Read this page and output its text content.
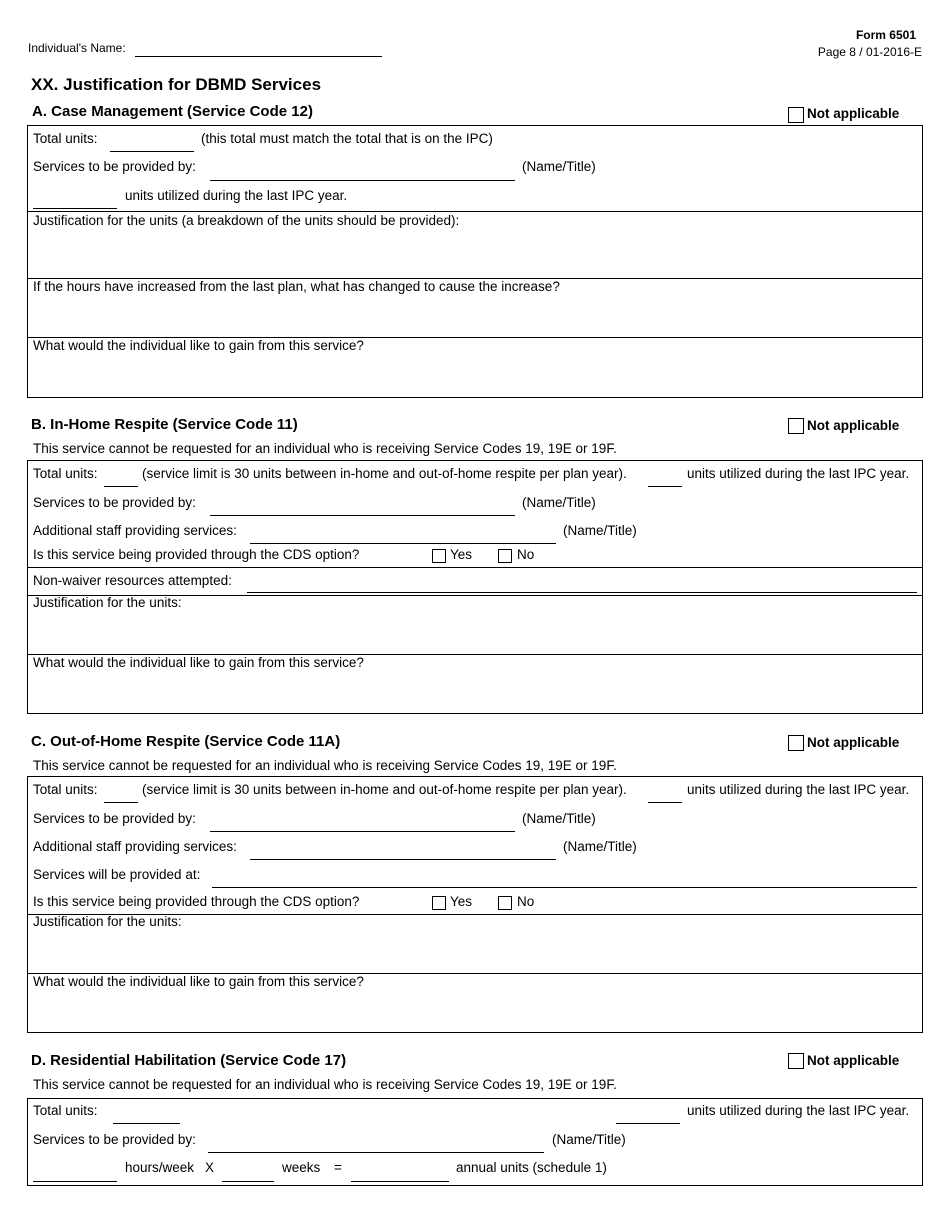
Individual's Name:
Form 6501
Page 8 / 01-2016-E
XX. Justification for DBMD Services
A. Case Management (Service Code 12)	Not applicable
Total units:	(this total must match the total that is on the IPC)
Services to be provided by:	(Name/Title)
units utilized during the last IPC year.
Justification for the units (a breakdown of the units should be provided):
If the hours have increased from the last plan, what has changed to cause the increase?
What would the individual like to gain from this service?
B. In-Home Respite (Service Code 11)	Not applicable
This service cannot be requested for an individual who is receiving Service Codes 19, 19E or 19F.
Total units:	(service limit is 30 units between in-home and out-of-home respite per plan year).	units utilized during the last IPC year.
Services to be provided by:	(Name/Title)
Additional staff providing services:	(Name/Title)
Is this service being provided through the CDS option?	Yes	No
Non-waiver resources attempted:
Justification for the units:
What would the individual like to gain from this service?
C. Out-of-Home Respite (Service Code 11A)	Not applicable
This service cannot be requested for an individual who is receiving Service Codes 19, 19E or 19F.
Total units:	(service limit is 30 units between in-home and out-of-home respite per plan year).	units utilized during the last IPC year.
Services to be provided by:	(Name/Title)
Additional staff providing services:	(Name/Title)
Services will be provided at:
Is this service being provided through the CDS option?	Yes	No
Justification for the units:
What would the individual like to gain from this service?
D. Residential Habilitation (Service Code 17)	Not applicable
This service cannot be requested for an individual who is receiving Service Codes 19, 19E or 19F.
Total units:	units utilized during the last IPC year.
Services to be provided by:	(Name/Title)
hours/week X	weeks =	annual units (schedule 1)
